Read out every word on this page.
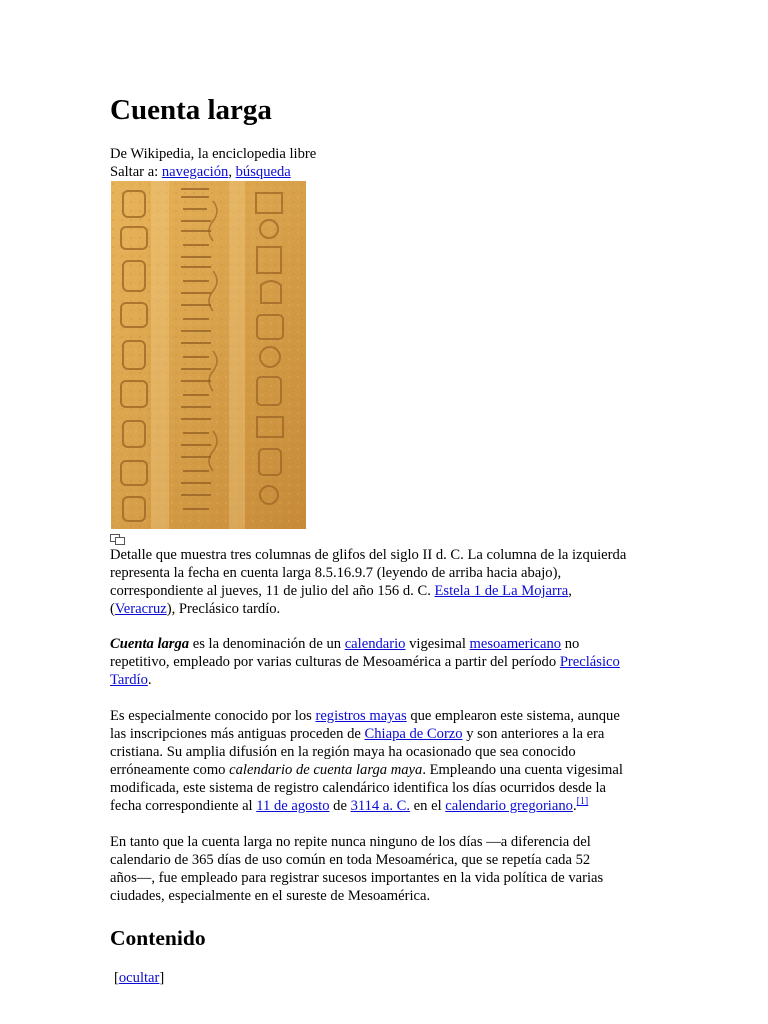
Cuenta larga
De Wikipedia, la enciclopedia libre
Saltar a: navegación, búsqueda
Detalle que muestra tres columnas de glifos del siglo II d. C. La columna de la izquierda
representa la fecha en cuenta larga 8.5.16.9.7 (leyendo de arriba hacia abajo),
correspondiente al jueves, 11 de julio del año 156 d. C. Estela 1 de La Mojarra,
(Veracruz), Preclásico tardío.
Cuenta larga es la denominación de un calendario vigesimal mesoamericano no
repetitivo, empleado por varias culturas de Mesoamérica a partir del período Preclásico
Tardío.
Es especialmente conocido por los registros mayas que emplearon este sistema, aunque
las inscripciones más antiguas proceden de Chiapa de Corzo y son anteriores a la era
cristiana. Su amplia difusión en la región maya ha ocasionado que sea conocido
erróneamente como calendario de cuenta larga maya. Empleando una cuenta vigesimal
modificada, este sistema de registro calendárico identifica los días ocurridos desde la
fecha correspondiente al 11 de agosto de 3114 a. C. en el calendario gregoriano.[1]
En tanto que la cuenta larga no repite nunca ninguno de los días —a diferencia del
calendario de 365 días de uso común en toda Mesoamérica, que se repetía cada 52
años—, fue empleado para registrar sucesos importantes en la vida política de varias
ciudades, especialmente en el sureste de Mesoamérica.
Contenido
[ocultar]
